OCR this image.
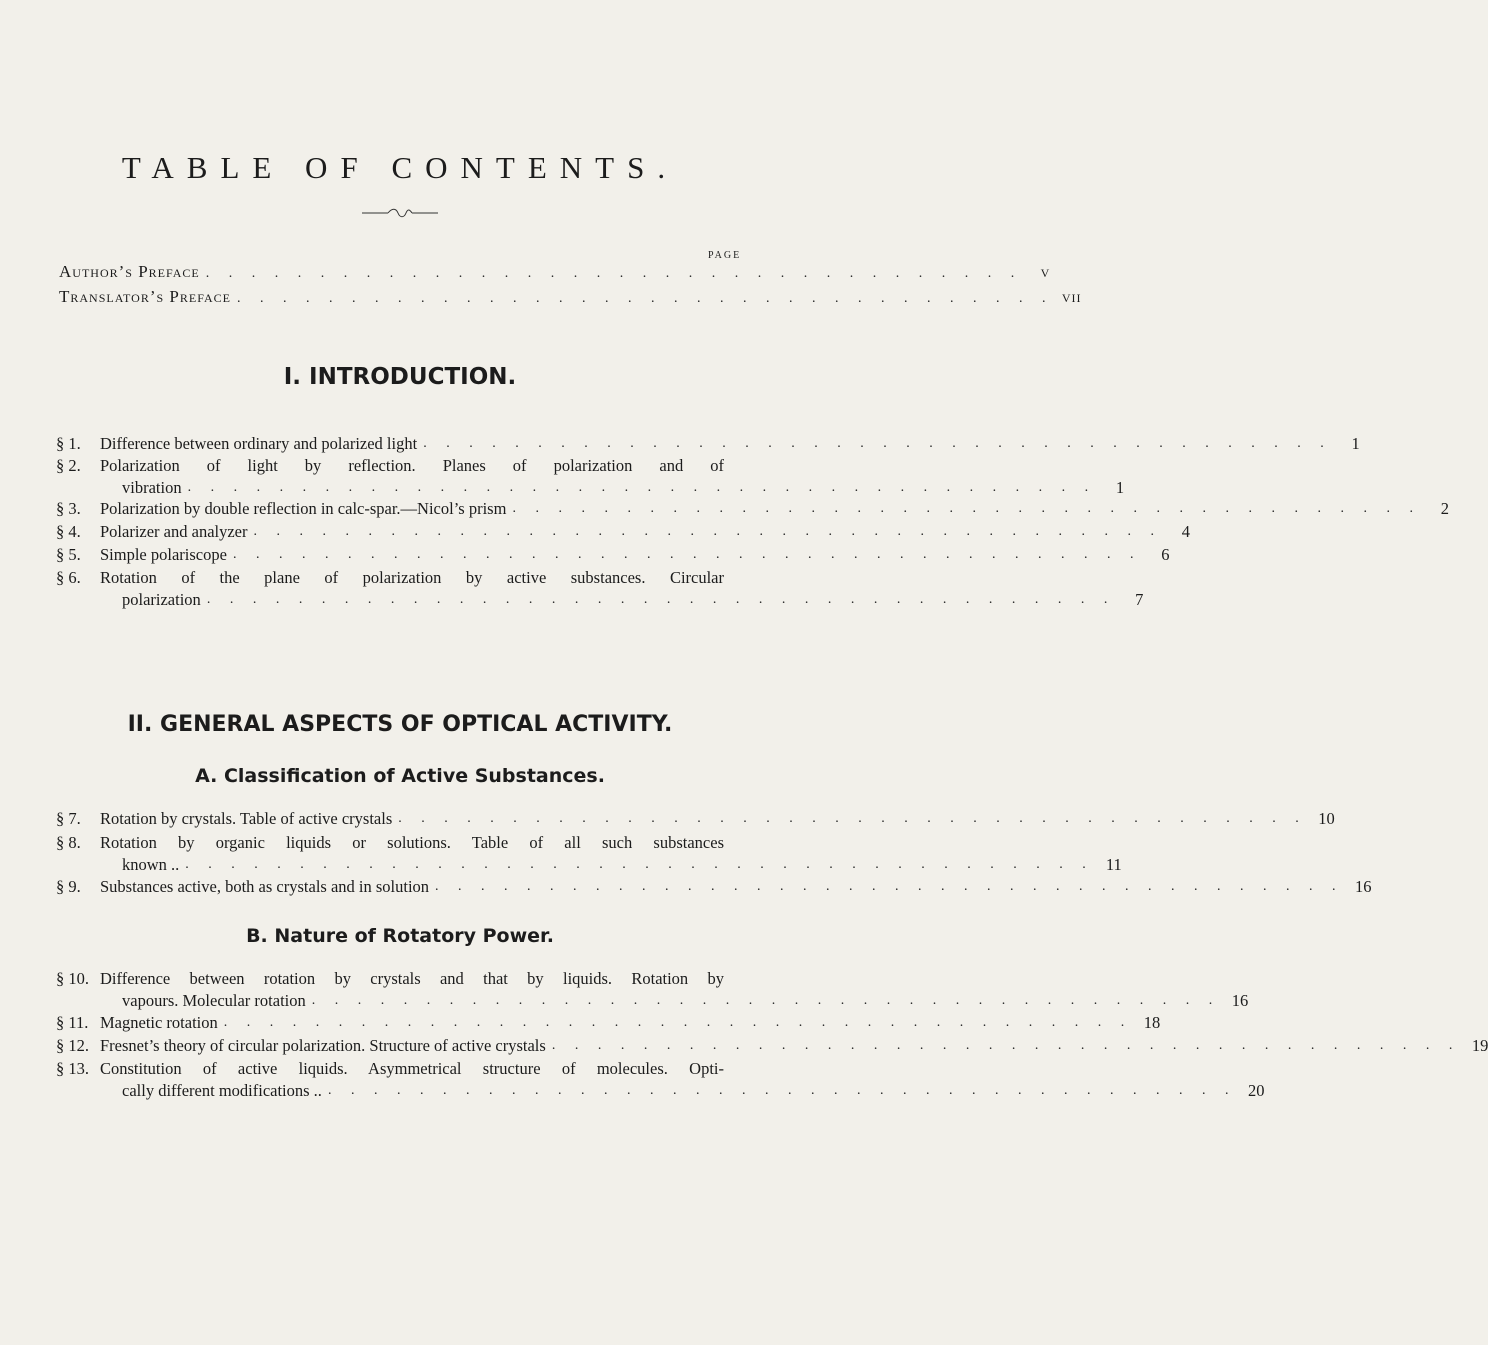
TABLE OF CONTENTS.
PAGE
Author’s Preface . . . . . . . . . . . . . . . . . . . . . . . . . . . . . . . . . . . .	v
Translator’s Preface . . . . . . . . . . . . . . . . . . . . . . . . . . . . . . . . . . . . vii
I. INTRODUCTION.
§ 1.	Difference between ordinary and polarized light . . . . . . . . . . . . . . . . . . . . . . . . . . . . . . . . . . . . . . . .	1
§ 2.	Polarization of light by reflection. Planes of polarization and of
vibration . . . . . . . . . . . . . . . . . . . . . . . . . . . . . . . . . . . . . . . .	1
§ 3.	Polarization by double reflection in calc-spar.—Nicol’s prism . . . . . . . . . . . . . . . . . . . . . . . . . . . . . . . . . . . . . . . .	2
§ 4.	Polarizer and analyzer . . . . . . . . . . . . . . . . . . . . . . . . . . . . . . . . . . . . . . . .	4
§ 5.	Simple polariscope . . . . . . . . . . . . . . . . . . . . . . . . . . . . . . . . . . . . . . . .	6
§ 6.	Rotation of the plane of polarization by active substances. Circular
polarization . . . . . . . . . . . . . . . . . . . . . . . . . . . . . . . . . . . . . . . .	7
II. GENERAL ASPECTS OF OPTICAL ACTIVITY.
A. Classification of Active Substances.
§ 7.	Rotation by crystals. Table of active crystals . . . . . . . . . . . . . . . . . . . . . . . . . . . . . . . . . . . . . . . . 10
§ 8.	Rotation by organic liquids or solutions. Table of all such substances
known .. . . . . . . . . . . . . . . . . . . . . . . . . . . . . . . . . . . . . . . . . 11
§ 9.	Substances active, both as crystals and in solution . . . . . . . . . . . . . . . . . . . . . . . . . . . . . . . . . . . . . . . . 16
B. Nature of Rotatory Power.
§ 10. Difference between rotation by crystals and that by liquids. Rotation by
vapours. Molecular rotation . . . . . . . . . . . . . . . . . . . . . . . . . . . . . . . . . . . . . . . . 16
§ 11. Magnetic rotation . . . . . . . . . . . . . . . . . . . . . . . . . . . . . . . . . . . . . . . . 18
§ 12. Fresnet’s theory of circular polarization. Structure of active crystals . . . . . . . . . . . . . . . . . . . . . . . . . . . . . . . . . . . . . . . . 19
§ 13. Constitution of active liquids. Asymmetrical structure of molecules. Opti-
cally different modifications .. . . . . . . . . . . . . . . . . . . . . . . . . . . . . . . . . . . . . . . . . 20
